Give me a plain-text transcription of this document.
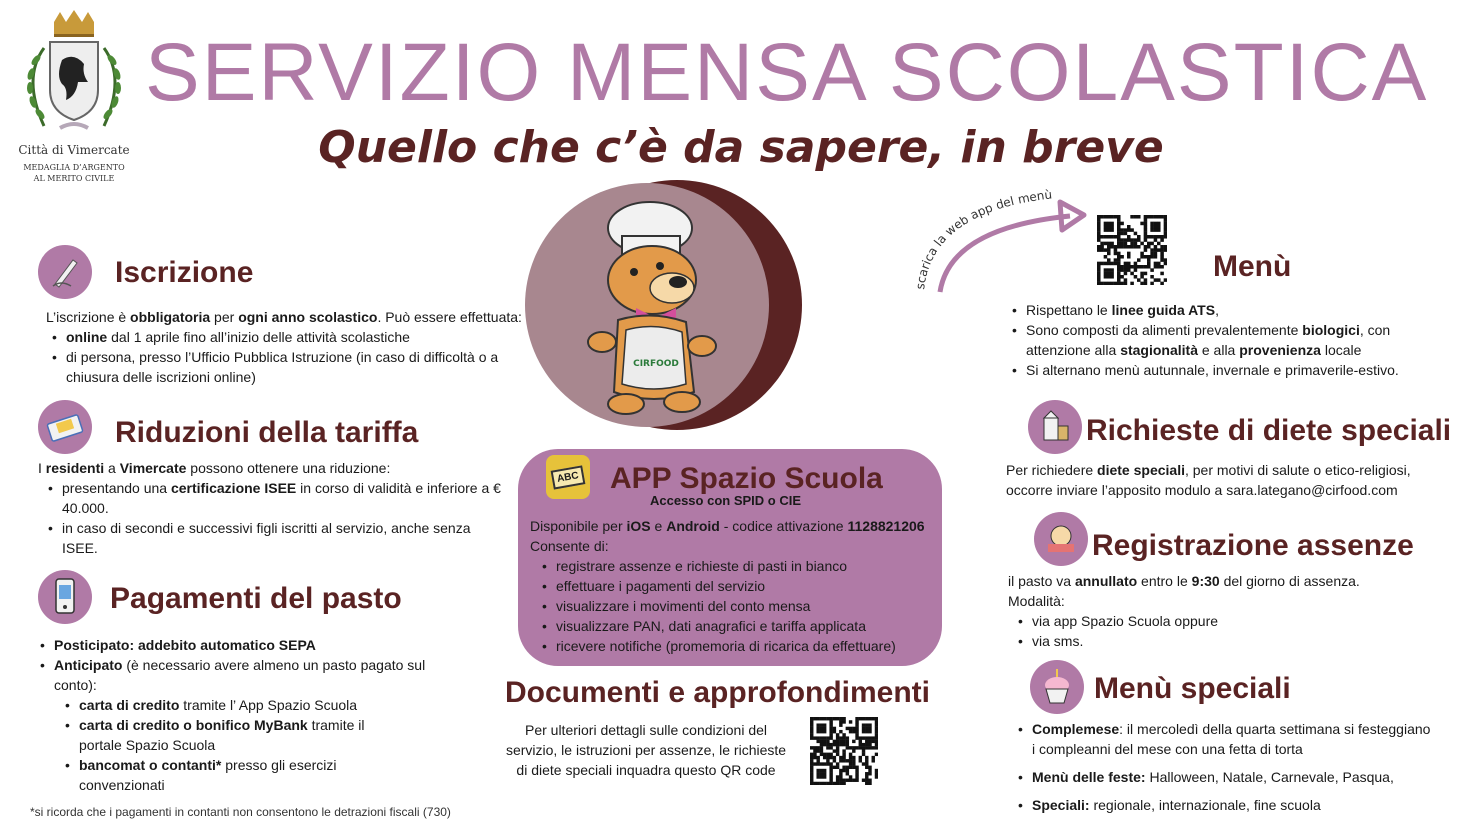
Città di Vimercate
MEDAGLIA D’ARGENTO
AL MERITO CIVILE
SERVIZIO MENSA SCOLASTICA
Quello che c’è da sapere, in breve
CIRFOOD
Iscrizione

L’iscrizione è obbligatoria per ogni anno scolastico. Può essere effettuata:

• online dal 1 aprile fino all’inizio delle attività scolastiche
• di persona, presso l’Ufficio Pubblica Istruzione (in caso di difficoltà o a chiusura delle iscrizioni online)
Riduzioni della tariffa

I residenti a Vimercate possono ottenere una riduzione:

• presentando una certificazione ISEE in corso di validità e inferiore a € 40.000.
• in caso di secondi e successivi figli iscritti al servizio, anche senza ISEE.
Pagamenti del pasto
• Posticipato: addebito automatico SEPA
• Anticipato (è necessario avere almeno un pasto pagato sul conto):
• carta di credito tramite l’ App Spazio Scuola
• carta di credito o bonifico MyBank tramite il portale Spazio Scuola
• bancomat o contanti* presso gli esercizi convenzionati
*si ricorda che i pagamenti in contanti non consentono le detrazioni fiscali (730)
ABC APP Spazio Scuola
Accesso con SPID o CIE

Disponibile per iOS e Android - codice attivazione 1128821206

Consente di:

• registrare assenze e richieste di pasti in bianco
• effettuare i pagamenti del servizio
• visualizzare i movimenti del conto mensa
• visualizzare PAN, dati anagrafici e tariffa applicata
• ricevere notifiche (promemoria di ricarica da effettuare)
Documenti e approfondimenti
Per ulteriori dettagli sulle condizioni del servizio, le istruzioni per assenze, le richieste di diete speciali inquadra questo QR code
scarica la web app del menù
Menù
• Rispettano le linee guida ATS,
• Sono composti da alimenti prevalentemente biologici, con attenzione alla stagionalità e alla provenienza locale
• Si alternano menù autunnale, invernale e primaverile-estivo.
Richieste di diete speciali
Per richiedere diete speciali, per motivi di salute o etico-religiosi, occorre inviare l’apposito modulo a sara.lategano@cirfood.com
Registrazione assenze

il pasto va annullato entro le 9:30 del giorno di assenza.

Modalità:

• via app Spazio Scuola oppure
• via sms.
Menù speciali
• Complemese: il mercoledì della quarta settimana si festeggiano i compleanni del mese con una fetta di torta
• Menù delle feste: Halloween, Natale, Carnevale, Pasqua,
• Speciali: regionale, internazionale, fine scuola
